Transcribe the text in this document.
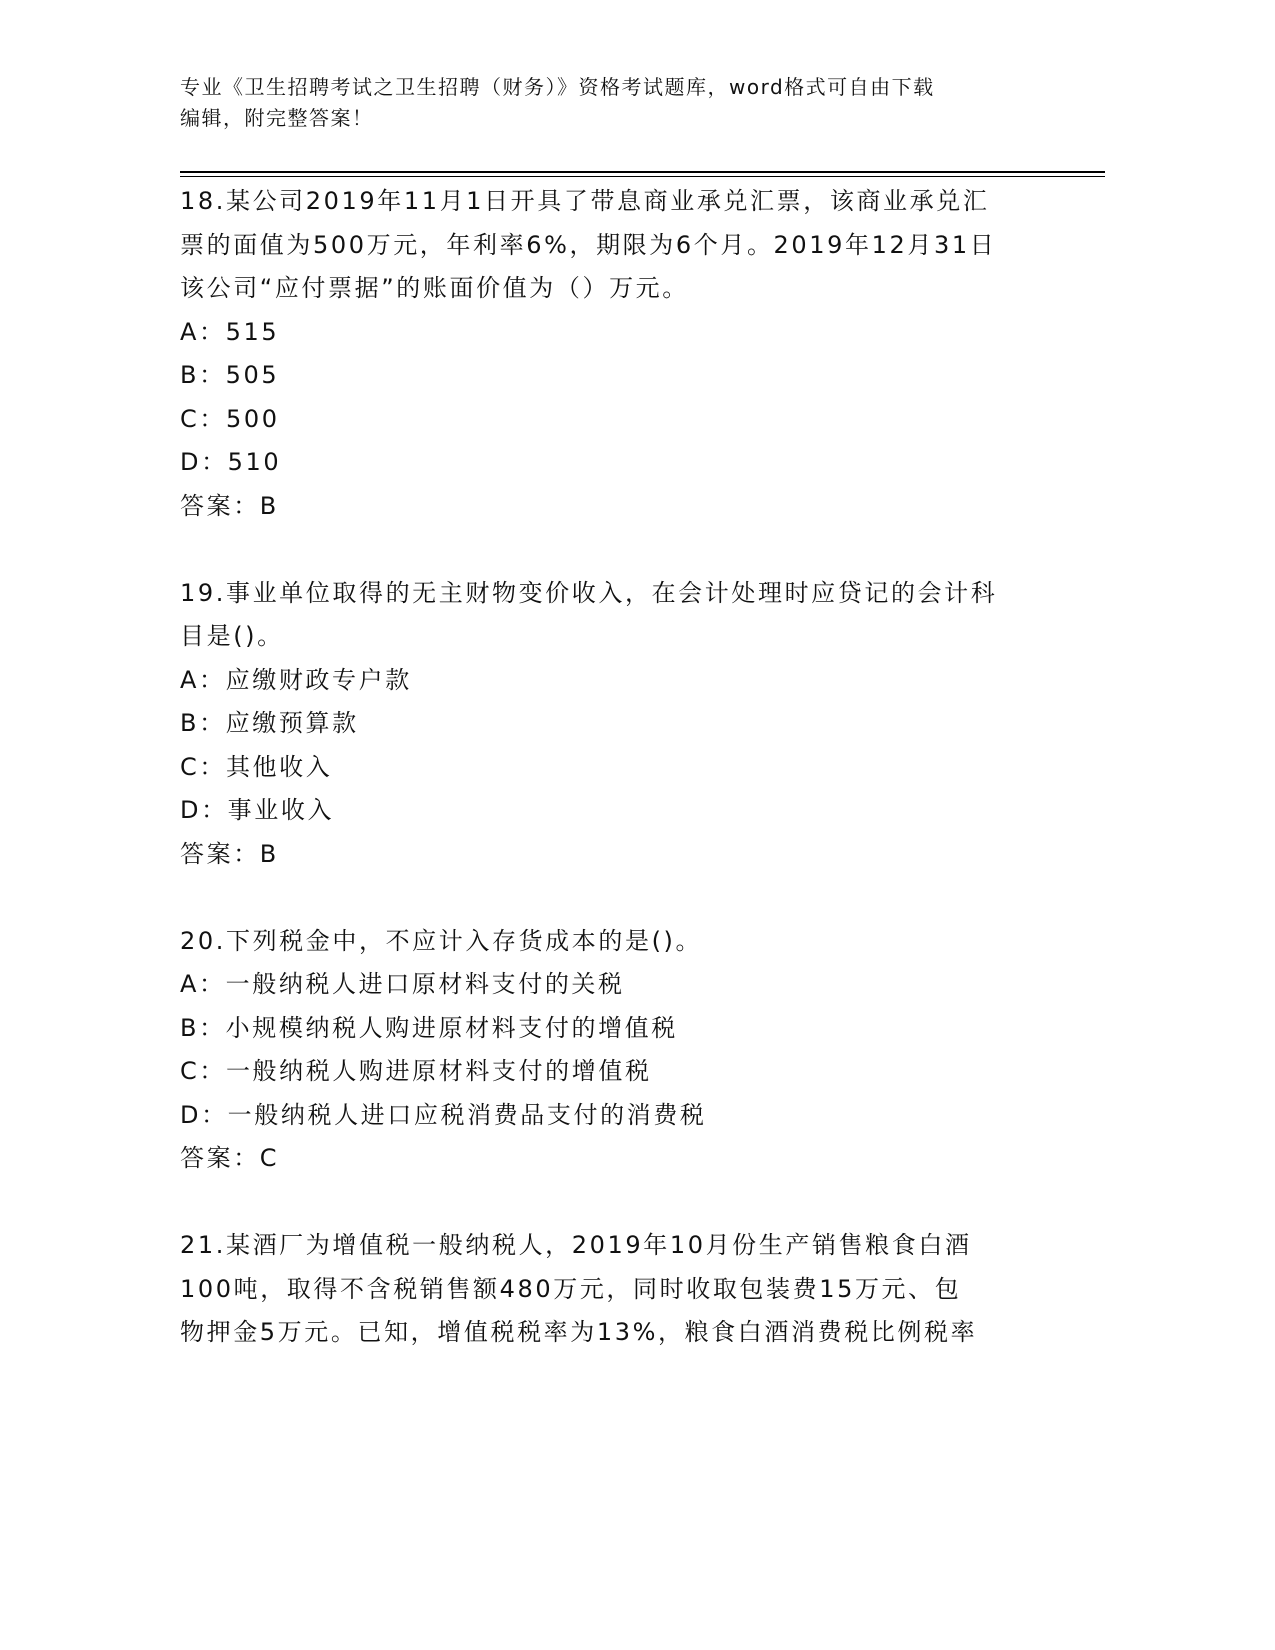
专业《卫生招聘考试之卫生招聘（财务）》资格考试题库，word格式可自由下载
编辑，附完整答案！
18.某公司2019年11月1日开具了带息商业承兑汇票，该商业承兑汇
票的面值为500万元，年利率6%，期限为6个月。2019年12月31日
该公司“应付票据”的账面价值为（）万元。
A：515
B：505
C：500
D：510
答案：B
19.事业单位取得的无主财物变价收入，在会计处理时应贷记的会计科
目是()。
A：应缴财政专户款
B：应缴预算款
C：其他收入
D：事业收入
答案：B
20.下列税金中，不应计入存货成本的是()。
A：一般纳税人进口原材料支付的关税
B：小规模纳税人购进原材料支付的增值税
C：一般纳税人购进原材料支付的增值税
D：一般纳税人进口应税消费品支付的消费税
答案：C
21.某酒厂为增值税一般纳税人，2019年10月份生产销售粮食白酒
100吨，取得不含税销售额480万元，同时收取包装费15万元、包
物押金5万元。已知，增值税税率为13%，粮食白酒消费税比例税率
